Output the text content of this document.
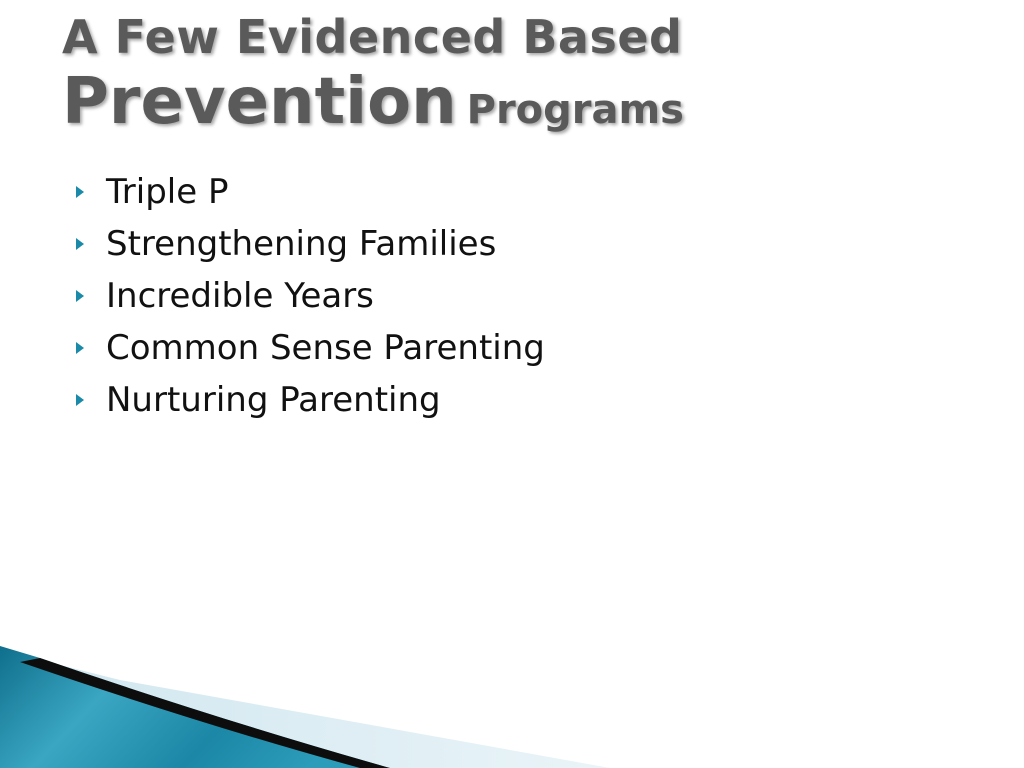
A Few Evidenced Based
Prevention Programs
Triple P
Strengthening Families
Incredible Years
Common Sense Parenting
Nurturing Parenting
